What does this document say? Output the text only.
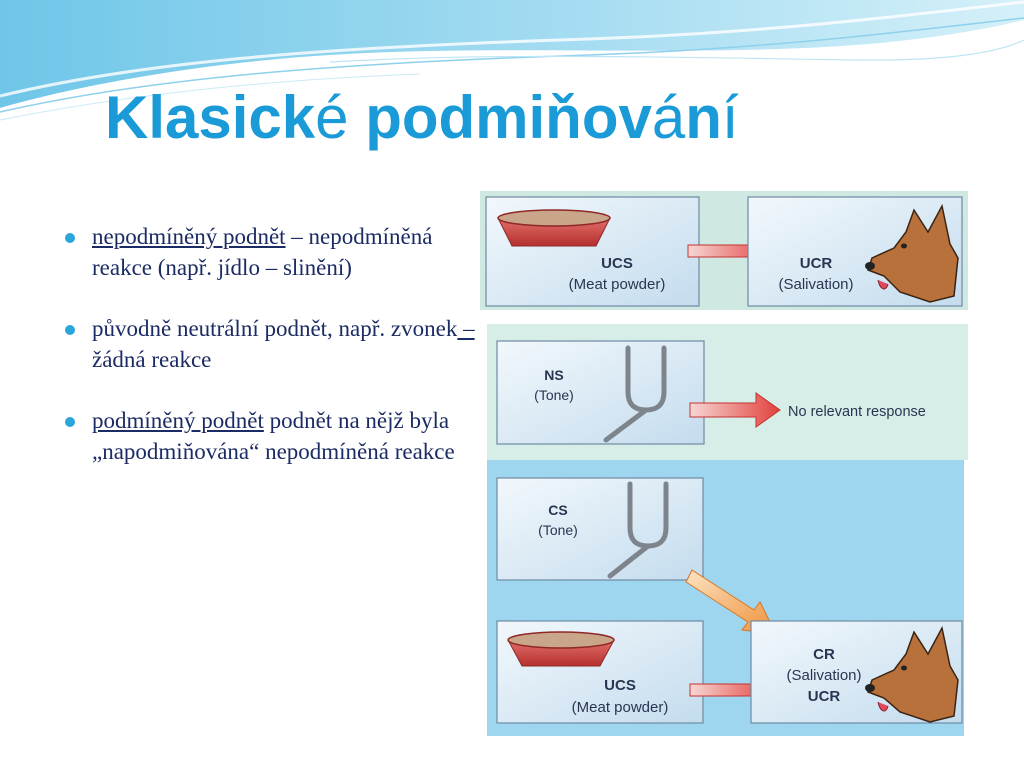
Klasické podmiňování
nepodmíněný podnět – nepodmíněná reakce (např. jídlo – slinění)
původně neutrální podnět, např. zvonek – žádná reakce
podmíněný podnět podnět na nějž byla „napodmiňována“ nepodmíněná reakce
UCS
(Meat powder)
UCR
(Salivation)
NS
(Tone)
No relevant response
CS
(Tone)
UCS
(Meat powder)
CR
(Salivation)
UCR
